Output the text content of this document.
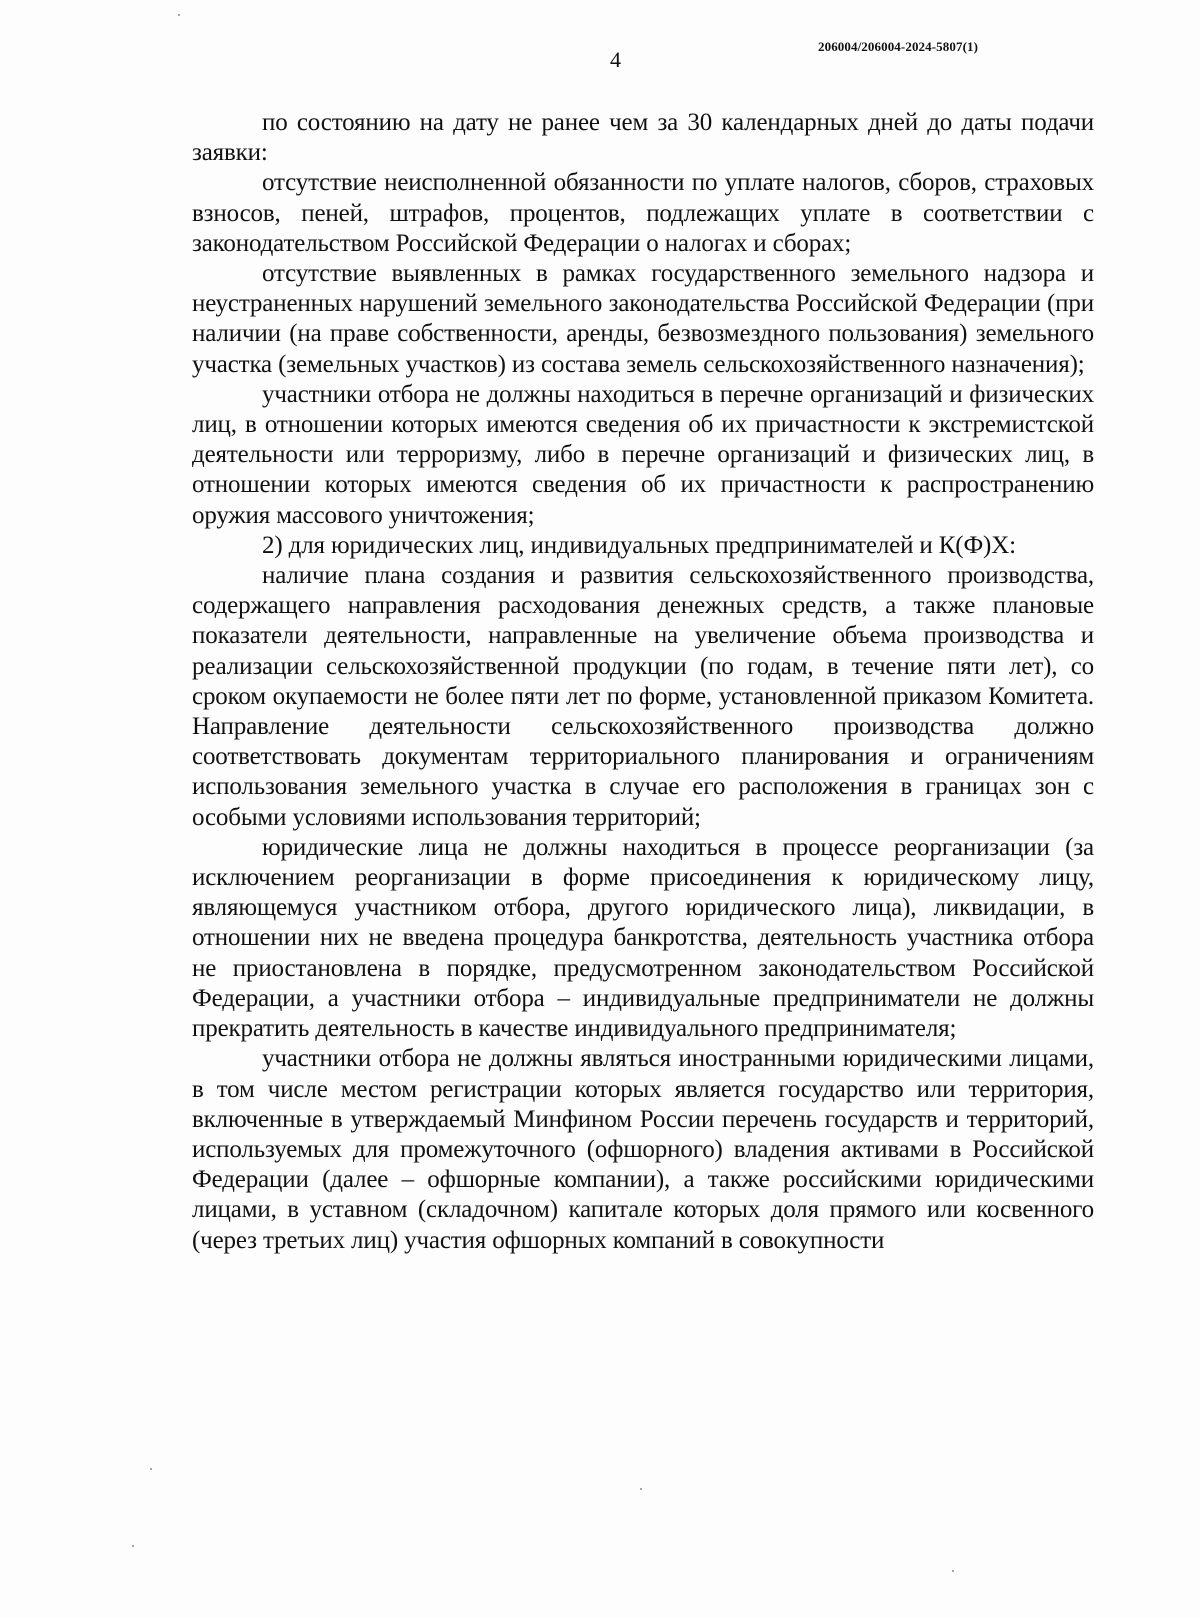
4
206004/206004-2024-5807(1)

по состоянию на дату не ранее чем за 30 календарных дней до даты подачи заявки:

отсутствие неисполненной обязанности по уплате налогов, сборов, страховых взносов, пеней, штрафов, процентов, подлежащих уплате в соответствии с законодательством Российской Федерации о налогах и сборах;

отсутствие выявленных в рамках государственного земельного надзора и неустраненных нарушений земельного законодательства Российской Федерации (при наличии (на праве собственности, аренды, безвозмездного пользования) земельного участка (земельных участков) из состава земель сельскохозяйственного назначения);

участники отбора не должны находиться в перечне организаций и физических лиц, в отношении которых имеются сведения об их причастности к экстремистской деятельности или терроризму, либо в перечне организаций и физических лиц, в отношении которых имеются сведения об их причастности к распространению оружия массового уничтожения;

2) для юридических лиц, индивидуальных предпринимателей и К(Ф)Х:

наличие плана создания и развития сельскохозяйственного производства, содержащего направления расходования денежных средств, а также плановые показатели деятельности, направленные на увеличение объема производства и реализации сельскохозяйственной продукции (по годам, в течение пяти лет), со сроком окупаемости не более пяти лет по форме, установленной приказом Комитета. Направление деятельности сельскохозяйственного производства должно соответствовать документам территориального планирования и ограничениям использования земельного участка в случае его расположения в границах зон с особыми условиями использования территорий;

юридические лица не должны находиться в процессе реорганизации (за исключением реорганизации в форме присоединения к юридическому лицу, являющемуся участником отбора, другого юридического лица), ликвидации, в отношении них не введена процедура банкротства, деятельность участника отбора не приостановлена в порядке, предусмотренном законодательством Российской Федерации, а участники отбора – индивидуальные предприниматели не должны прекратить деятельность в качестве индивидуального предпринимателя;

участники отбора не должны являться иностранными юридическими лицами, в том числе местом регистрации которых является государство или территория, включенные в утверждаемый Минфином России перечень государств и территорий, используемых для промежуточного (офшорного) владения активами в Российской Федерации (далее – офшорные компании), а также российскими юридическими лицами, в уставном (складочном) капитале которых доля прямого или косвенного (через третьих лиц) участия офшорных компаний в совокупности
